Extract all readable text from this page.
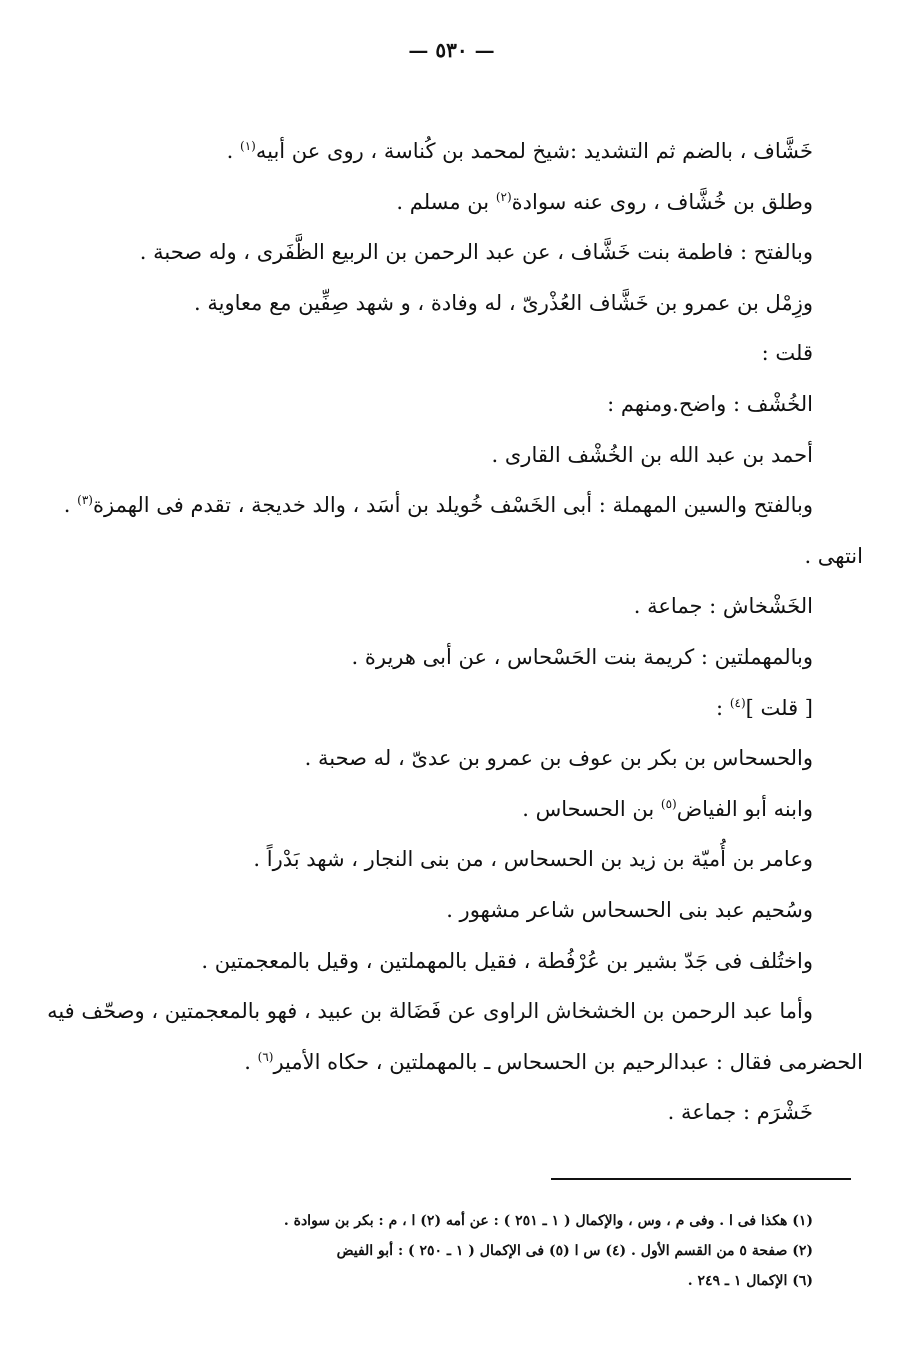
— ٥٣٠ —
خَشَّاف ، بالضم ثم التشديد :شيخ لمحمد بن كُناسة ، روى عن أبيه$^{(١)}$ .
وطلق بن خُشَّاف ، روى عنه سوادة$^{(٢)}$ بن مسلم .
وبالفتح : فاطمة بنت خَشَّاف ، عن عبد الرحمن بن الربيع الظَّفَرى ، وله صحبة .
وزِمْل بن عمرو بن خَشَّاف العُذْرىّ ، له وفادة ، و شهد صِفِّين مع معاوية .
قلت :
الخُشْف : واضح.ومنهم :
أحمد بن عبد الله بن الخُشْف القارى .
وبالفتح والسين المهملة : أبى الخَسْف خُويلد بن أسَد ، والد خديجة ، تقدم فى الهمزة$^{(٣)}$ .
انتهى .
الخَشْخاش : جماعة .
وبالمهملتين : كريمة بنت الحَسْحاس ، عن أبى هريرة .
[ قلت ]$^{(٤)}$ :
والحسحاس بن بكر بن عوف بن عمرو بن عدىّ ، له صحبة .
وابنه أبو الفياض$^{(٥)}$ بن الحسحاس .
وعامر بن أُميّة بن زيد بن الحسحاس ، من بنى النجار ، شهد بَدْراً .
وسُحيم عبد بنى الحسحاس شاعر مشهور .
واختُلف فى جَدّ بشير بن عُرْفُطة ، فقيل بالمهملتين ، وقيل بالمعجمتين .
وأما عبد الرحمن بن الخشخاش الراوى عن فَضَالة بن عبيد ، فهو بالمعجمتين ، وصحّف فيه
الحضرمى فقال : عبدالرحيم بن الحسحاس ـ بالمهملتين ، حكاه الأمير$^{(٦)}$ .
خَشْرَم : جماعة .
(١) هكذا فى ا . وفى م ، وس ، والإكمال ( ١ ـ ٢٥١ ) : عن أمه (٢) ا ، م : بكر بن سوادة .
(٢) صفحة ٥ من القسم الأول . (٤) س ا (٥) فى الإكمال ( ١ ـ ٢٥٠ ) : أبو الفيض
(٦) الإكمال ١ ـ ٢٤٩ .
